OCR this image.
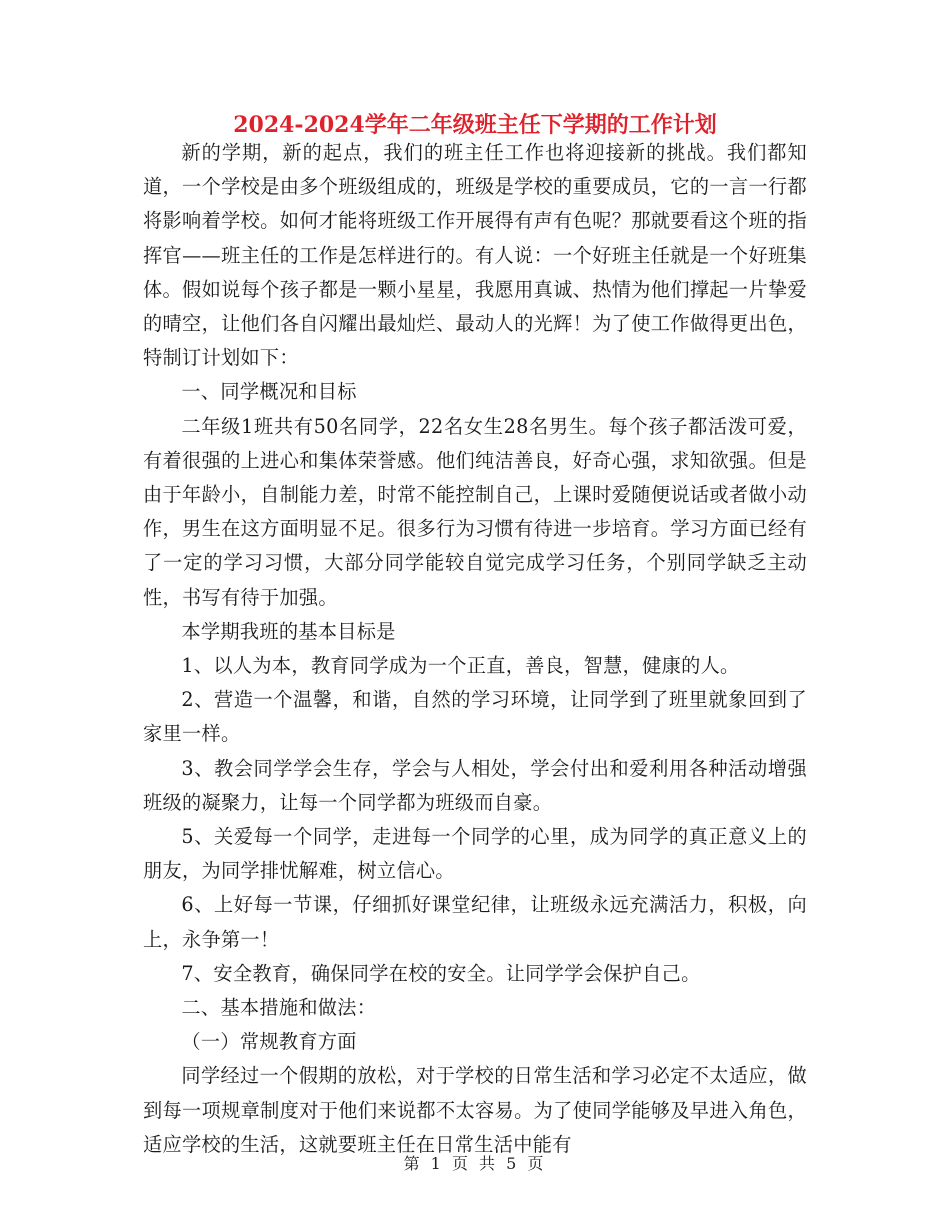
2024-2024学年二年级班主任下学期的工作计划

新的学期，新的起点，我们的班主任工作也将迎接新的挑战。我们都知道，一个学校是由多个班级组成的，班级是学校的重要成员，它的一言一行都将影响着学校。如何才能将班级工作开展得有声有色呢？那就要看这个班的指挥官——班主任的工作是怎样进行的。有人说：一个好班主任就是一个好班集体。假如说每个孩子都是一颗小星星，我愿用真诚、热情为他们撑起一片挚爱的晴空，让他们各自闪耀出最灿烂、最动人的光辉！为了使工作做得更出色，特制订计划如下：

一、同学概况和目标

二年级1班共有50名同学，22名女生28名男生。每个孩子都活泼可爱，有着很强的上进心和集体荣誉感。他们纯洁善良，好奇心强，求知欲强。但是由于年龄小，自制能力差，时常不能控制自己，上课时爱随便说话或者做小动作，男生在这方面明显不足。很多行为习惯有待进一步培育。学习方面已经有了一定的学习习惯，大部分同学能较自觉完成学习任务，个别同学缺乏主动性，书写有待于加强。

本学期我班的基本目标是

1、以人为本，教育同学成为一个正直，善良，智慧，健康的人。

2、营造一个温馨，和谐，自然的学习环境，让同学到了班里就象回到了家里一样。

3、教会同学学会生存，学会与人相处，学会付出和爱利用各种活动增强班级的凝聚力，让每一个同学都为班级而自豪。

5、关爱每一个同学，走进每一个同学的心里，成为同学的真正意义上的朋友，为同学排忧解难，树立信心。

6、上好每一节课，仔细抓好课堂纪律，让班级永远充满活力，积极，向上，永争第一！

7、安全教育，确保同学在校的安全。让同学学会保护自己。

二、基本措施和做法：

（一）常规教育方面

同学经过一个假期的放松，对于学校的日常生活和学习必定不太适应，做到每一项规章制度对于他们来说都不太容易。为了使同学能够及早进入角色，适应学校的生活，这就要班主任在日常生活中能有

第 1 页 共 5 页
